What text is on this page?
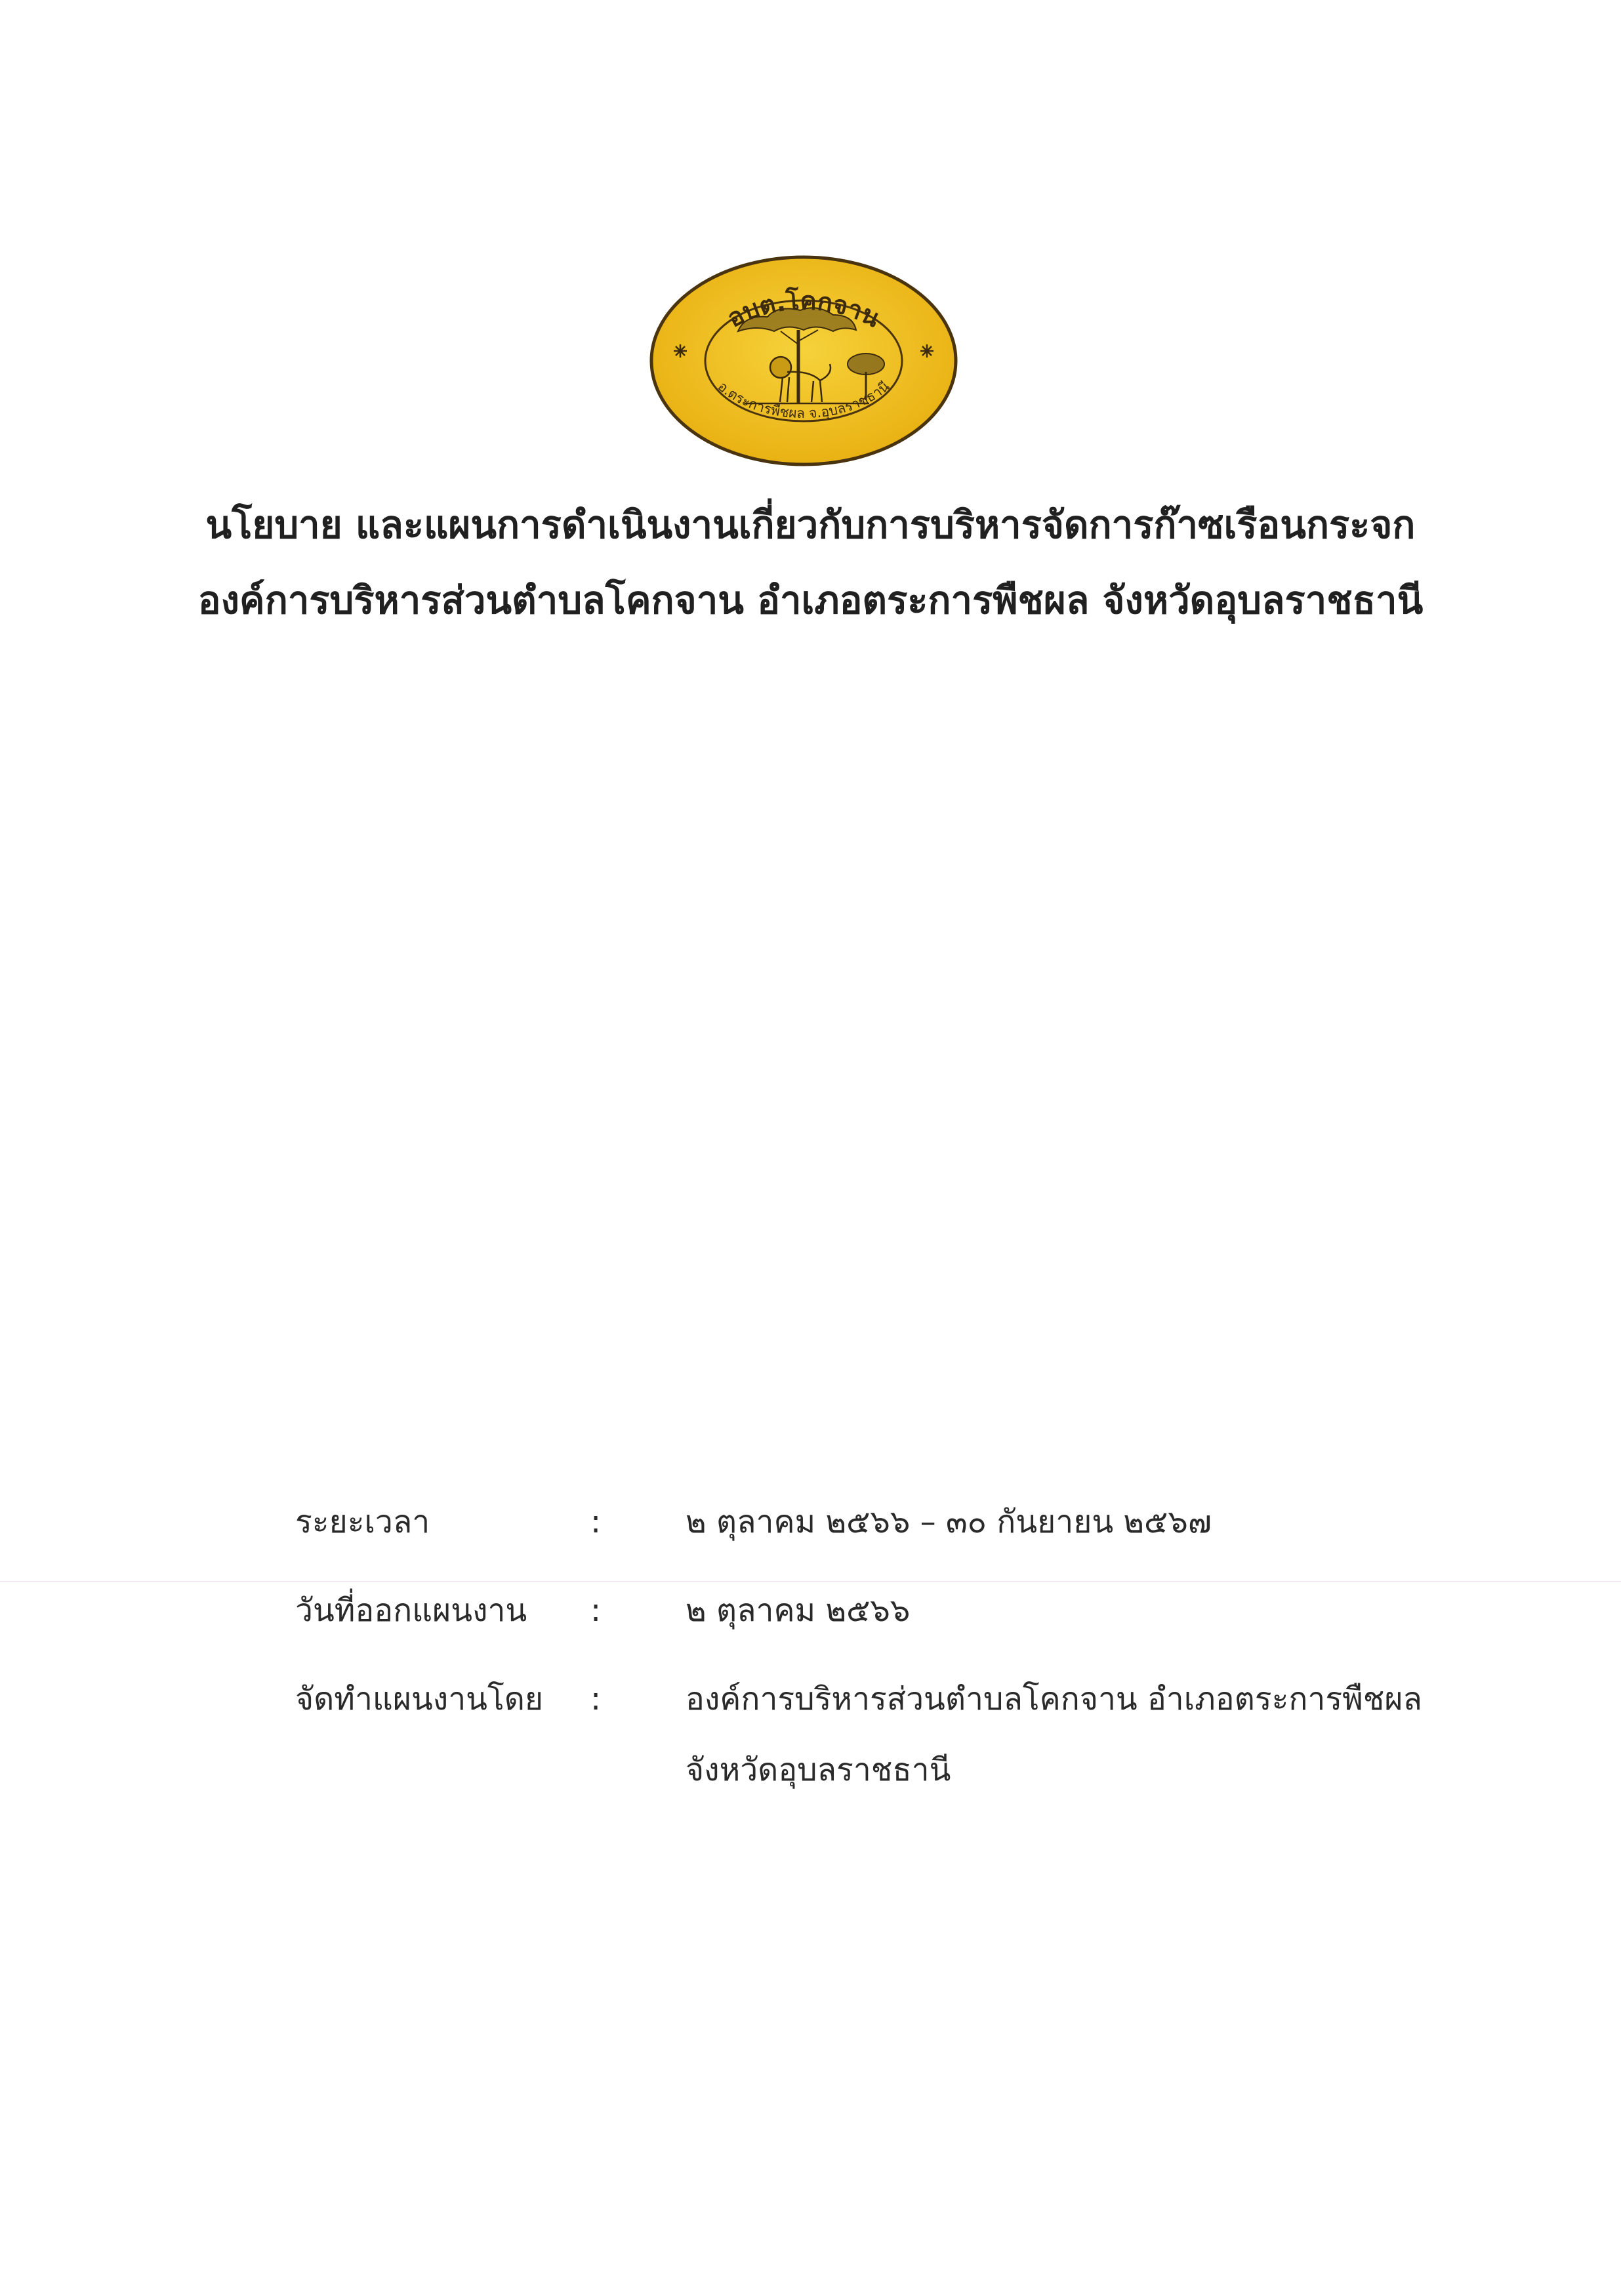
อบต.โคกจาน
อ.ตระการพืชผล จ.อุบลราชธานี
นโยบาย และแผนการดำเนินงานเกี่ยวกับการบริหารจัดการก๊าซเรือนกระจก
องค์การบริหารส่วนตำบลโคกจาน อำเภอตระการพืชผล จังหวัดอุบลราชธานี
ระยะเวลา	:	๒ ตุลาคม ๒๕๖๖ – ๓๐ กันยายน ๒๕๖๗
วันที่ออกแผนงาน :	๒ ตุลาคม ๒๕๖๖
จัดทำแผนงานโดย :	องค์การบริหารส่วนตำบลโคกจาน อำเภอตระการพืชผล
จังหวัดอุบลราชธานี
